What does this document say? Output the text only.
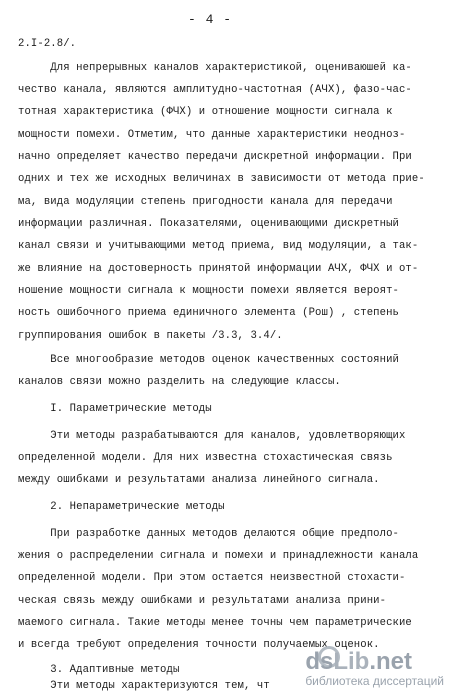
- 4 -
2.I-2.8/.
Для непрерывных каналов характеристикой, оцениваюшей ка-
чество канала, являются амплитудно-частотная (АЧХ), фазо-час-
тотная характеристика (ФЧХ) и отношение мощности сигнала к
мощности помехи. Отметим, что данные характеристики неодноз-
начно определяет качество передачи дискретной информации. При
одних и тех же исходных величинах в зависимости от метода прие-
ма, вида модуляции степень пригодности канала для передачи
информации различная. Показателями, оценивающими дискретный
канал связи и учитывающими метод приема, вид модуляции, а так-
же влияние на достоверность принятой информации АЧХ, ФЧХ и от-
ношение мощности сигнала к мощности помехи является вероят-
ность ошибочного приема единичного элемента (Pош) , степень
группирования ошибок в пакеты /3.3, 3.4/.
Все многообразие методов оценок качественных состояний
каналов связи можно разделить на следующие классы.
I. Параметрические методы
Эти методы разрабатываются для каналов, удовлетворяющих
определенной модели. Для них известна стохастическая связь
между ошибками и результатами анализа линейного сигнала.
2. Непараметрические методы
При разработке данных методов делаются общие предполо-
жения о распределении сигнала и помехи и принадлежности канала
определенной модели. При этом остается неизвестной стохасти-
ческая связь между ошибками и результатами анализа прини-
маемого сигнала. Такие методы менее точны чем параметрические
и всегда требуют определения точности получаемых оценок.
3. Адаптивные методы
Эти методы характеризуются тем, чт
dsLib.net
библиотека диссертаций
